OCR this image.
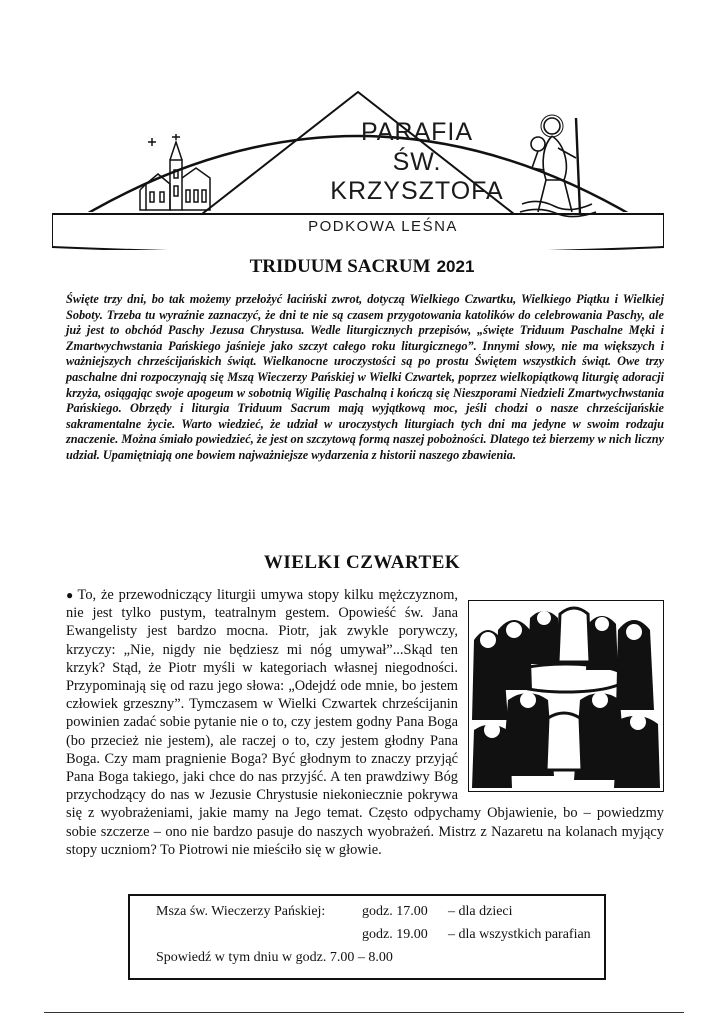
PARAFIA
ŚW. KRZYSZTOFA
PODKOWA LEŚNA
TRIDUUM SACRUM 2021
Święte trzy dni, bo tak możemy przełożyć łaciński zwrot, dotyczą Wielkiego Czwartku, Wielkiego Piątku i Wielkiej Soboty. Trzeba tu wyraźnie zaznaczyć, że dni te nie są czasem przygotowania katolików do celebrowania Paschy, ale już jest to obchód Paschy Jezusa Chrystusa. Wedle liturgicznych przepisów, „święte Triduum Paschalne Męki i Zmartwychwstania Pańskiego jaśnieje jako szczyt całego roku liturgicznego”. Innymi słowy, nie ma większych i ważniejszych chrześcijańskich świąt. Wielkanocne uroczystości są po prostu Świętem wszystkich świąt. Owe trzy paschalne dni rozpoczynają się Mszą Wieczerzy Pańskiej w Wielki Czwartek, poprzez wielkopiątkową liturgię adoracji krzyża, osiągając swoje apogeum w sobotnią Wigilię Paschalną i kończą się Nieszporami Niedzieli Zmartwychwstania Pańskiego. Obrzędy i liturgia Triduum Sacrum mają wyjątkową moc, jeśli chodzi o nasze chrześcijańskie sakramentalne życie. Warto wiedzieć, że udział w uroczystych liturgiach tych dni ma jedyne w swoim rodzaju znaczenie. Można śmiało powiedzieć, że jest on szczytową formą naszej pobożności. Dlatego też bierzemy w nich liczny udział. Upamiętniają one bowiem najważniejsze wydarzenia z historii naszego zbawienia.
WIELKI CZWARTEK
● To, że przewodniczący liturgii umywa stopy kilku mężczyznom, nie jest tylko pustym, teatralnym gestem. Opowieść św. Jana Ewangelisty jest bardzo mocna. Piotr, jak zwykle porywczy, krzyczy: „Nie, nigdy nie będziesz mi nóg umywał”...Skąd ten krzyk? Stąd, że Piotr myśli w kategoriach własnej niegodności. Przypominają się od razu jego słowa: „Odejdź ode mnie, bo jestem człowiek grzeszny”. Tymczasem w Wielki Czwartek chrześcijanin powinien zadać sobie pytanie nie o to, czy jestem godny Pana Boga (bo przecież nie jestem), ale raczej o to, czy jestem głodny Pana Boga. Czy mam pragnienie Boga? Być głodnym to znaczy przyjąć Pana Boga takiego, jaki chce do nas przyjść. A ten prawdziwy Bóg przychodzący do nas w Jezusie Chrystusie niekoniecznie pokrywa się z wyobrażeniami, jakie mamy na Jego temat. Często odpychamy Objawienie, bo – powiedzmy sobie szczerze – ono nie bardzo pasuje do naszych wyobrażeń. Mistrz z Nazaretu na kolanach myjący stopy uczniom? To Piotrowi nie mieściło się w głowie.
Msza św. Wieczerzy Pańskiej:	godz. 17.00 – dla dzieci
godz. 19.00 – dla wszystkich parafian
Spowiedź w tym dniu w godz. 7.00 – 8.00
